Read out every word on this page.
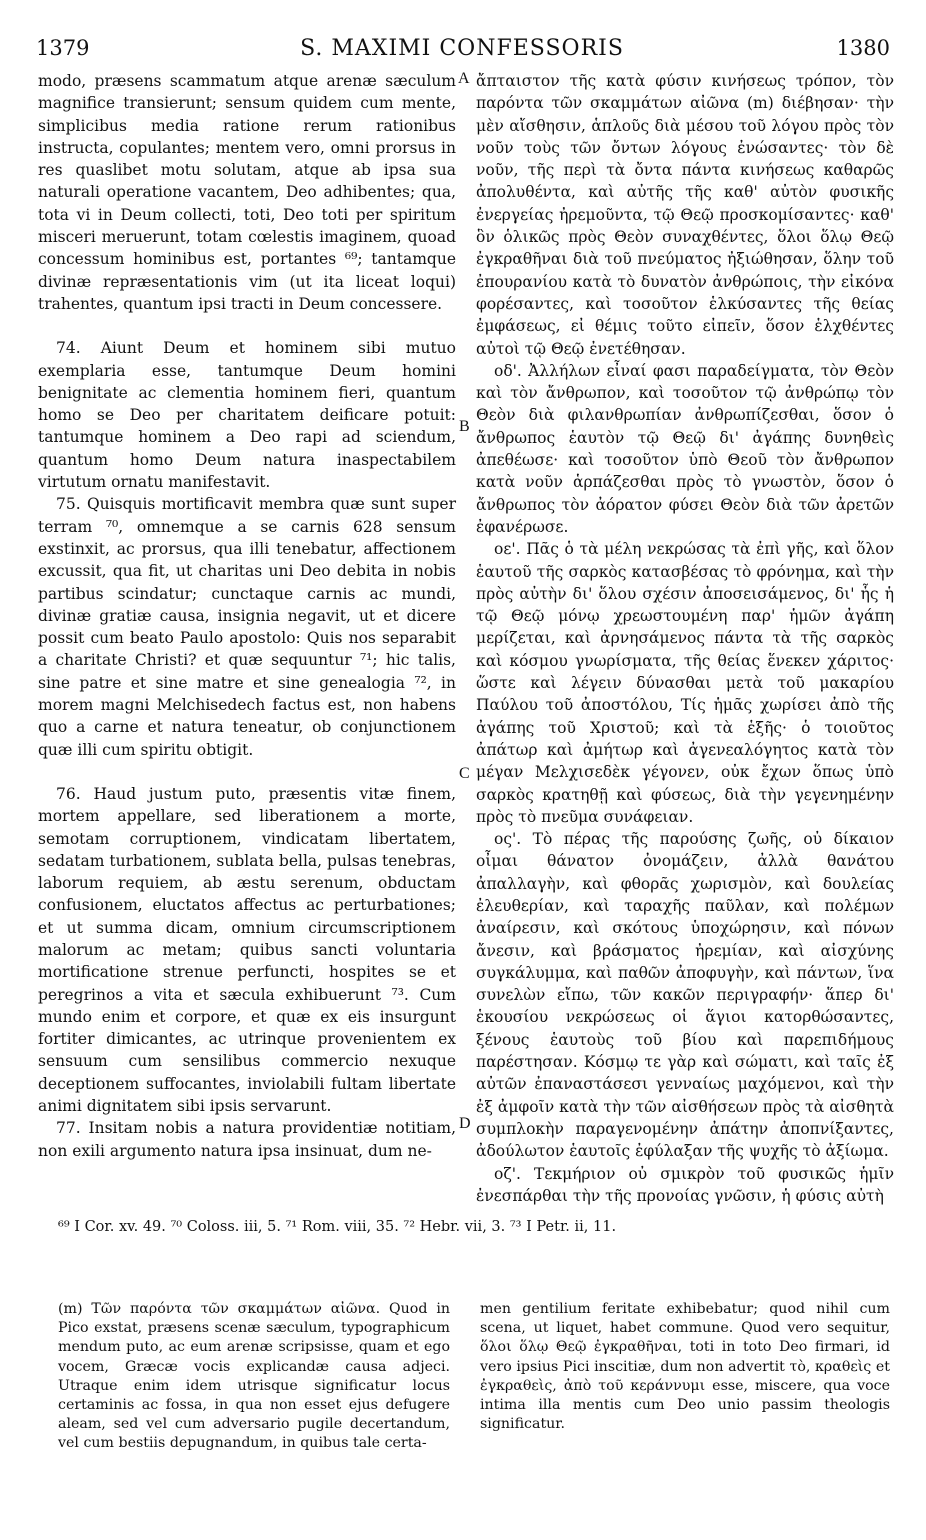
1379	S. MAXIMI CONFESSORIS	1380

modo, præsens scammatum atque arenæ sæculum magnifice transierunt; sensum quidem cum mente, simplicibus media ratione rerum rationibus instructa, copulantes; mentem vero, omni prorsus in res quaslibet motu solutam, atque ab ipsa sua naturali operatione vacantem, Deo adhibentes; qua, tota vi in Deum collecti, toti, Deo toti per spiritum misceri meruerunt, totam cœlestis imaginem, quoad concessum hominibus est, portantes ⁶⁹; tantamque divinæ repræsentationis vim (ut ita liceat loqui) trahentes, quantum ipsi tracti in Deum concessere.

74. Aiunt Deum et hominem sibi mutuo exemplaria esse, tantumque Deum homini benignitate ac clementia hominem fieri, quantum homo se Deo per charitatem deificare potuit: tantumque hominem a Deo rapi ad sciendum, quantum homo Deum natura inaspectabilem virtutum ornatu manifestavit.

75. Quisquis mortificavit membra quæ sunt super terram ⁷⁰, omnemque a se carnis 628 sensum exstinxit, ac prorsus, qua illi tenebatur, affectionem excussit, qua fit, ut charitas uni Deo debita in nobis partibus scindatur; cunctaque carnis ac mundi, divinæ gratiæ causa, insignia negavit, ut et dicere possit cum beato Paulo apostolo: Quis nos separabit a charitate Christi? et quæ sequuntur ⁷¹; hic talis, sine patre et sine matre et sine genealogia ⁷², in morem magni Melchisedech factus est, non habens quo a carne et natura teneatur, ob conjunctionem quæ illi cum spiritu obtigit.

76. Haud justum puto, præsentis vitæ finem, mortem appellare, sed liberationem a morte, semotam corruptionem, vindicatam libertatem, sedatam turbationem, sublata bella, pulsas tenebras, laborum requiem, ab æstu serenum, obductam confusionem, eluctatos affectus ac perturbationes; et ut summa dicam, omnium circumscriptionem malorum ac metam; quibus sancti voluntaria mortificatione strenue perfuncti, hospites se et peregrinos a vita et sæcula exhibuerunt ⁷³. Cum mundo enim et corpore, et quæ ex eis insurgunt fortiter dimicantes, ac utrinque provenientem ex sensuum cum sensilibus commercio nexuque deceptionem suffocantes, inviolabili fultam libertate animi dignitatem sibi ipsis servarunt.

77. Insitam nobis a natura providentiæ notitiam, non exili argumento natura ipsa insinuat, dum ne-

A
B
C
D

ἄπταιστον τῆς κατὰ φύσιν κινήσεως τρόπον, τὸν παρόντα τῶν σκαμμάτων αἰῶνα (m) διέβησαν· τὴν μὲν αἴσθησιν, ἁπλοῦς διὰ μέσου τοῦ λόγου πρὸς τὸν νοῦν τοὺς τῶν ὄντων λόγους ἐνώσαντες· τὸν δὲ νοῦν, τῆς περὶ τὰ ὄντα πάντα κινήσεως καθαρῶς ἀπολυθέντα, καὶ αὐτῆς τῆς καθ' αὐτὸν φυσικῆς ἐνεργείας ἠρεμοῦντα, τῷ Θεῷ προσκομίσαντες· καθ' ὃν ὁλικῶς πρὸς Θεὸν συναχθέντες, ὅλοι ὅλῳ Θεῷ ἐγκραθῆναι διὰ τοῦ πνεύματος ἠξιώθησαν, ὅλην τοῦ ἐπουρανίου κατὰ τὸ δυνατὸν ἀνθρώποις, τὴν εἰκόνα φορέσαντες, καὶ τοσοῦτον ἑλκύσαντες τῆς θείας ἐμφάσεως, εἰ θέμις τοῦτο εἰπεῖν, ὅσον ἑλχθέντες αὐτοὶ τῷ Θεῷ ἐνετέθησαν.

οδ'. Ἀλλήλων εἶναί φασι παραδείγματα, τὸν Θεὸν καὶ τὸν ἄνθρωπον, καὶ τοσοῦτον τῷ ἀνθρώπῳ τὸν Θεὸν διὰ φιλανθρωπίαν ἀνθρωπίζεσθαι, ὅσον ὁ ἄνθρωπος ἑαυτὸν τῷ Θεῷ δι' ἀγάπης δυνηθεὶς ἀπεθέωσε· καὶ τοσοῦτον ὑπὸ Θεοῦ τὸν ἄνθρωπον κατὰ νοῦν ἁρπάζεσθαι πρὸς τὸ γνωστὸν, ὅσον ὁ ἄνθρωπος τὸν ἀόρατον φύσει Θεὸν διὰ τῶν ἀρετῶν ἐφανέρωσε.

οε'. Πᾶς ὁ τὰ μέλη νεκρώσας τὰ ἐπὶ γῆς, καὶ ὅλον ἑαυτοῦ τῆς σαρκὸς κατασβέσας τὸ φρόνημα, καὶ τὴν πρὸς αὐτὴν δι' ὅλου σχέσιν ἀποσεισάμενος, δι' ἧς ἡ τῷ Θεῷ μόνῳ χρεωστουμένη παρ' ἡμῶν ἀγάπη μερίζεται, καὶ ἀρνησάμενος πάντα τὰ τῆς σαρκὸς καὶ κόσμου γνωρίσματα, τῆς θείας ἕνεκεν χάριτος· ὥστε καὶ λέγειν δύνασθαι μετὰ τοῦ μακαρίου Παύλου τοῦ ἀποστόλου, Τίς ἡμᾶς χωρίσει ἀπὸ τῆς ἀγάπης τοῦ Χριστοῦ; καὶ τὰ ἑξῆς· ὁ τοιοῦτος ἀπάτωρ καὶ ἀμήτωρ καὶ ἀγενεαλόγητος κατὰ τὸν μέγαν Μελχισεδὲκ γέγονεν, οὐκ ἔχων ὅπως ὑπὸ σαρκὸς κρατηθῇ καὶ φύσεως, διὰ τὴν γεγενημένην πρὸς τὸ πνεῦμα συνάφειαν.

ος'. Τὸ πέρας τῆς παρούσης ζωῆς, οὐ δίκαιον οἶμαι θάνατον ὀνομάζειν, ἀλλὰ θανάτου ἀπαλλαγὴν, καὶ φθορᾶς χωρισμὸν, καὶ δουλείας ἐλευθερίαν, καὶ ταραχῆς παῦλαν, καὶ πολέμων ἀναίρεσιν, καὶ σκότους ὑποχώρησιν, καὶ πόνων ἄνεσιν, καὶ βράσματος ἠρεμίαν, καὶ αἰσχύνης συγκάλυμμα, καὶ παθῶν ἀποφυγὴν, καὶ πάντων, ἵνα συνελὼν εἴπω, τῶν κακῶν περιγραφήν· ἅπερ δι' ἑκουσίου νεκρώσεως οἱ ἅγιοι κατορθώσαντες, ξένους ἑαυτοὺς τοῦ βίου καὶ παρεπιδήμους παρέστησαν. Κόσμῳ τε γὰρ καὶ σώματι, καὶ ταῖς ἐξ αὐτῶν ἐπαναστάσεσι γενναίως μαχόμενοι, καὶ τὴν ἐξ ἀμφοῖν κατὰ τὴν τῶν αἰσθήσεων πρὸς τὰ αἰσθητὰ συμπλοκὴν παραγενομένην ἀπάτην ἀποπνίξαντες, ἀδούλωτον ἑαυτοῖς ἐφύλαξαν τῆς ψυχῆς τὸ ἀξίωμα.

οζ'. Τεκμήριον οὐ σμικρὸν τοῦ φυσικῶς ἡμῖν ἐνεσπάρθαι τὴν τῆς προνοίας γνῶσιν, ἡ φύσις αὐτὴ

⁶⁹ I Cor. xv. 49. ⁷⁰ Coloss. iii, 5. ⁷¹ Rom. viii, 35. ⁷² Hebr. vii, 3. ⁷³ I Petr. ii, 11.
(m) Τῶν παρόντα τῶν σκαμμάτων αἰῶνα. Quod in Pico exstat, præsens scenæ sæculum, typographicum mendum puto, ac eum arenæ scripsisse, quam et ego vocem, Græcæ vocis explicandæ causa adjeci. Utraque enim idem utrisque significatur locus certaminis ac fossa, in qua non esset ejus defugere aleam, sed vel cum adversario pugile decertandum, vel cum bestiis depugnandum, in quibus tale certa-
men gentilium feritate exhibebatur; quod nihil cum scena, ut liquet, habet commune. Quod vero sequitur, ὅλοι ὅλῳ Θεῷ ἐγκραθῆναι, toti in toto Deo firmari, id vero ipsius Pici inscitiæ, dum non advertit τὸ, κραθεὶς et ἐγκραθεὶς, ἀπὸ τοῦ κεράννυμι esse, miscere, qua voce intima illa mentis cum Deo unio passim theologis significatur.
